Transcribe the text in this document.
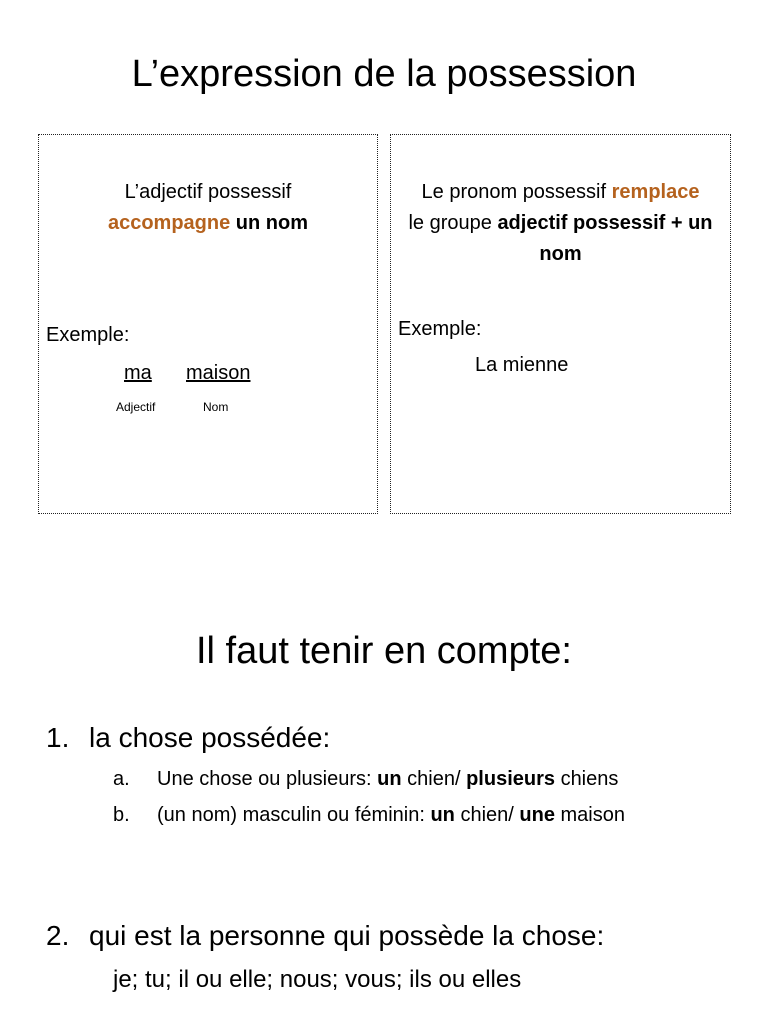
L’expression de la possession
L’adjectif possessif
accompagne un nom
Exemple:
ma maison
Adjectif	Nom
Le pronom possessif remplace
le groupe adjectif possessif + un nom
Exemple:
La mienne
Il faut tenir en compte:
1. la chose possédée:
a. Une chose ou plusieurs: un chien/ plusieurs chiens
b. (un nom) masculin ou féminin: un chien/ une maison
2. qui est la personne qui possède la chose:
je; tu; il ou elle; nous; vous; ils ou elles
